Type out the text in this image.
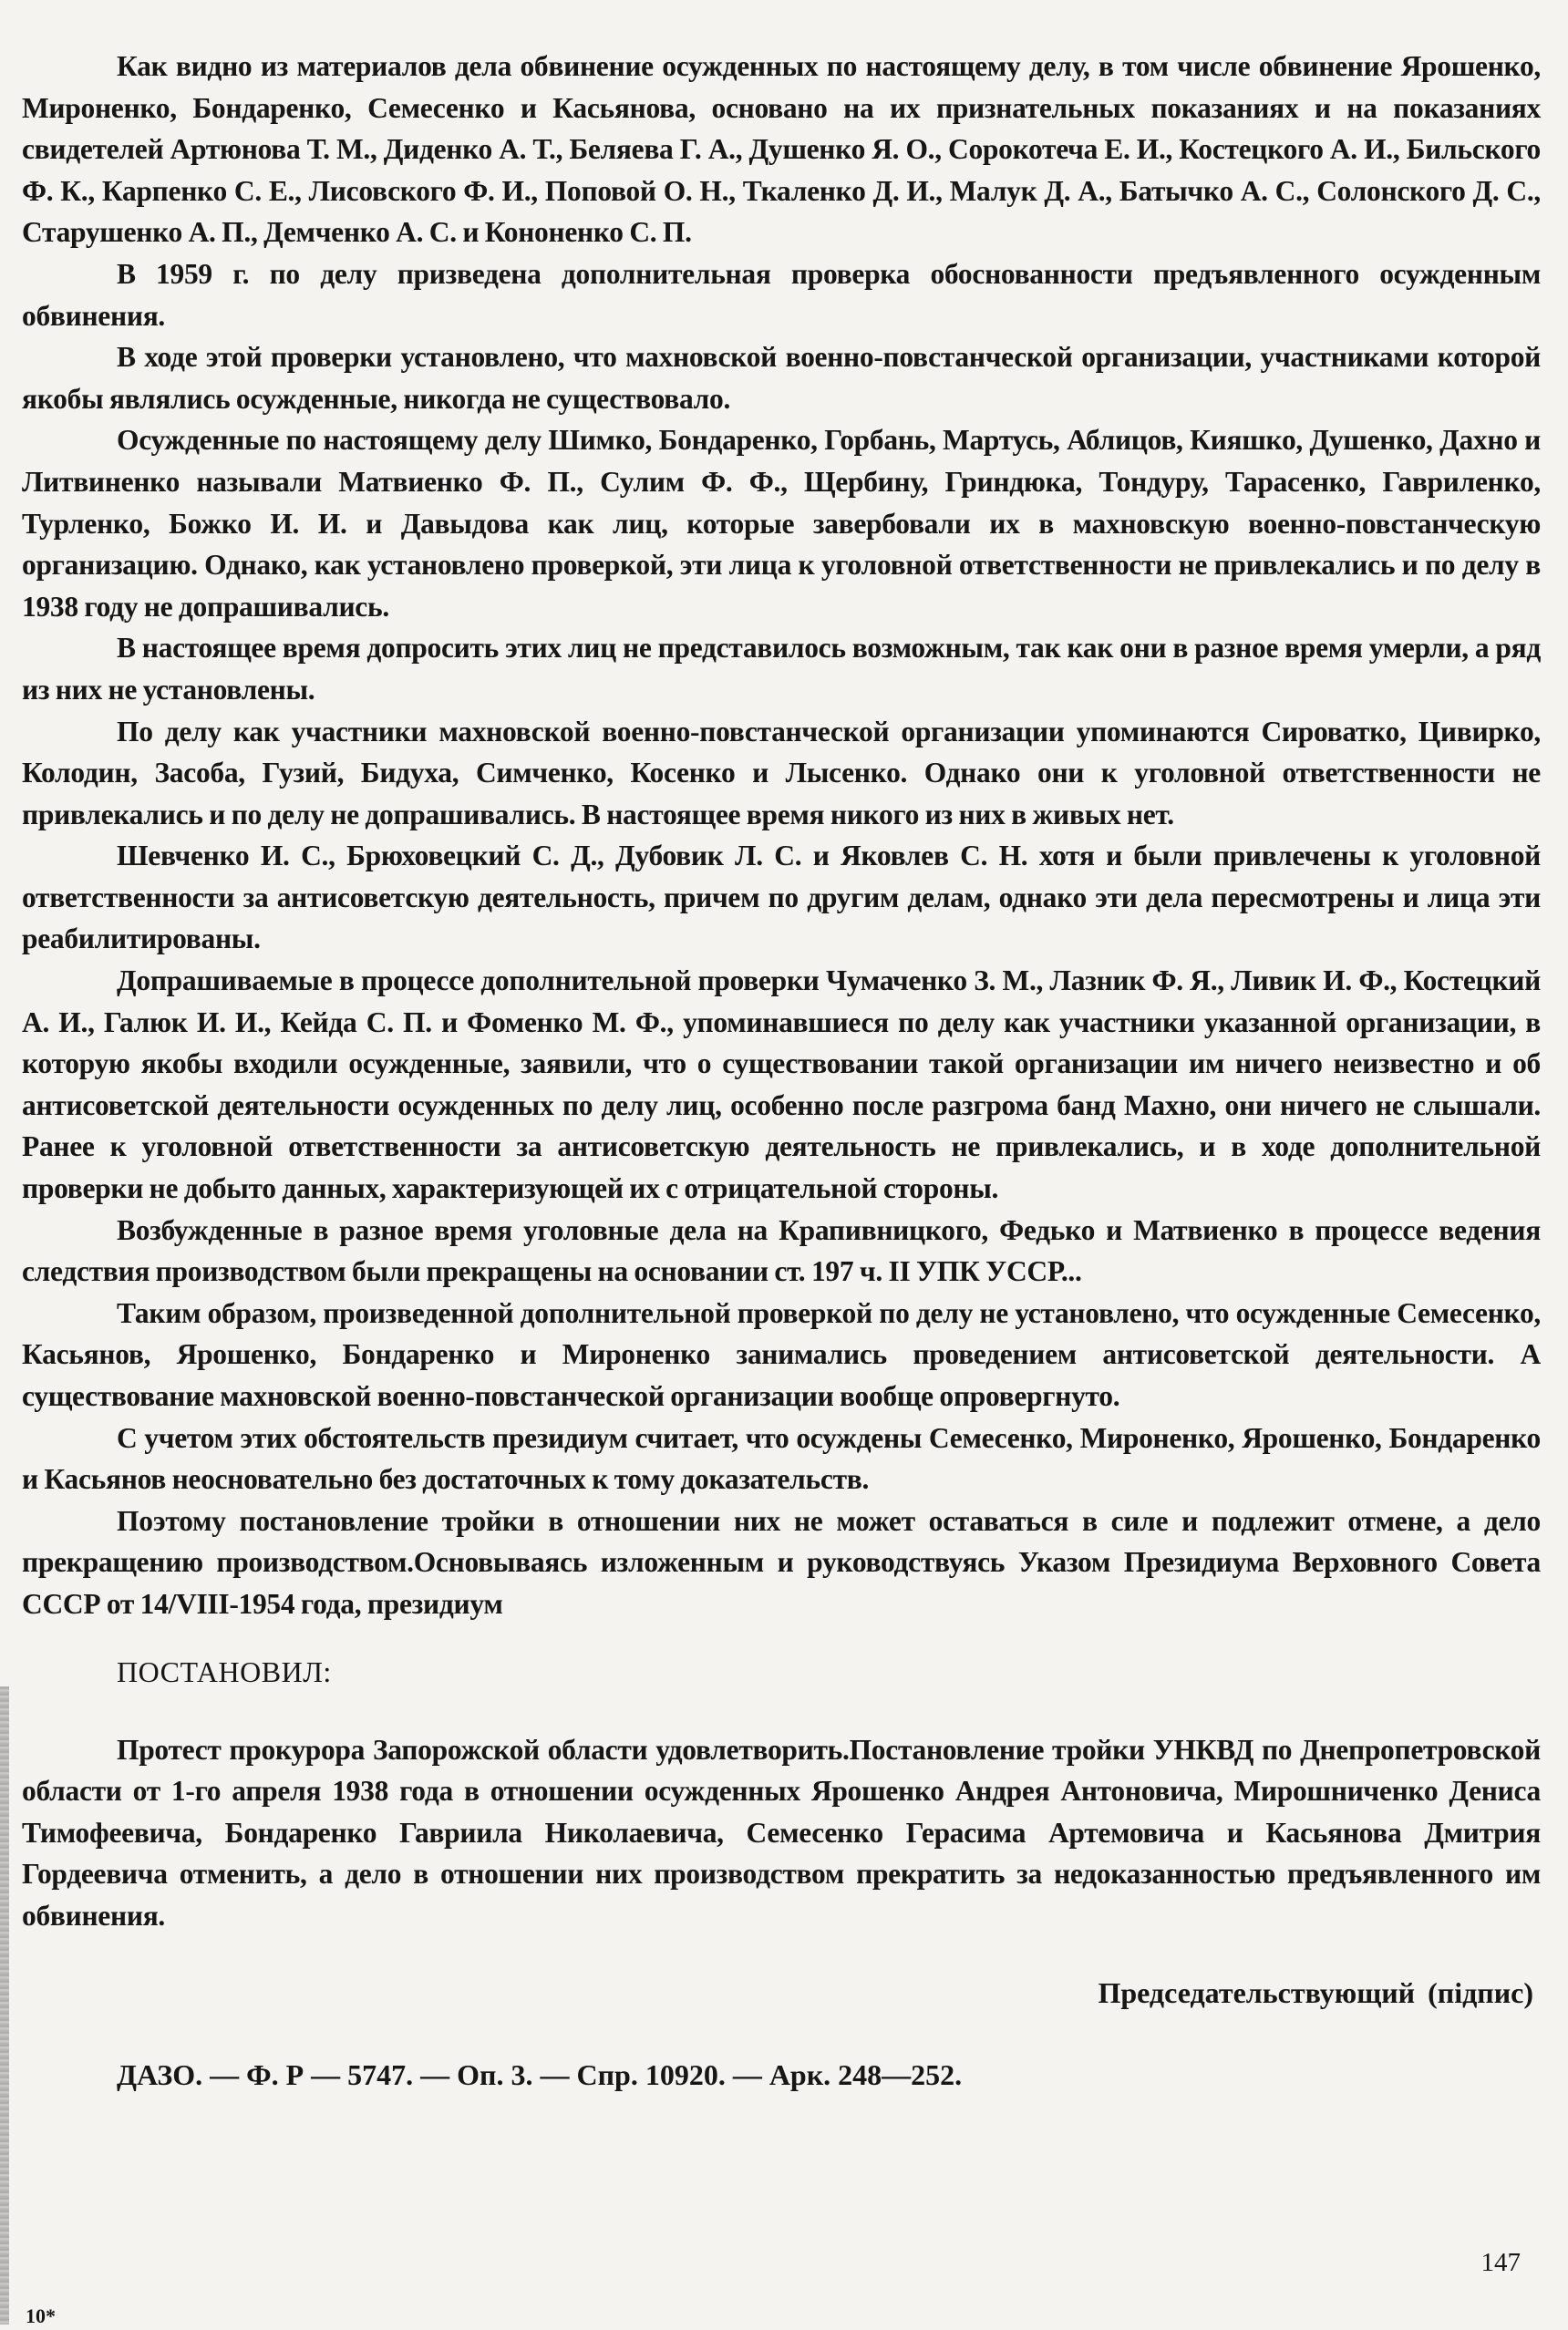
Как видно из материалов дела обвинение осужденных по настоящему делу, в том числе обвинение Ярошенко, Мироненко, Бондаренко, Семесенко и Касьянова, основано на их признательных показаниях и на показаниях свидетелей Артюнова Т. М., Диденко А. Т., Беляева Г. А., Душенко Я. О., Сорокотеча Е. И., Костецкого А. И., Бильского Ф. К., Карпенко С. Е., Лисовского Ф. И., Поповой О. Н., Ткаленко Д. И., Малук Д. А., Батычко А. С., Солонского Д. С., Старушенко А. П., Демченко А. С. и Кононенко С. П.

В 1959 г. по делу призведена дополнительная проверка обоснованности предъявленного осужденным обвинения.

В ходе этой проверки установлено, что махновской военно-повстанческой организации, участниками которой якобы являлись осужденные, никогда не существовало.

Осужденные по настоящему делу Шимко, Бондаренко, Горбань, Мартусь, Аблицов, Кияшко, Душенко, Дахно и Литвиненко называли Матвиенко Ф. П., Сулим Ф. Ф., Щербину, Гриндюка, Тондуру, Тарасенко, Гавриленко, Турленко, Божко И. И. и Давыдова как лиц, которые завербовали их в махновскую военно-повстанческую организацию. Однако, как установлено проверкой, эти лица к уголовной ответственности не привлекались и по делу в 1938 году не допрашивались.

В настоящее время допросить этих лиц не представилось возможным, так как они в разное время умерли, а ряд из них не установлены.

По делу как участники махновской военно-повстанческой организации упоминаются Сироватко, Цивирко, Колодин, Засоба, Гузий, Бидуха, Симченко, Косенко и Лысенко. Однако они к уголовной ответственности не привлекались и по делу не допрашивались. В настоящее время никого из них в живых нет.

Шевченко И. С., Брюховецкий С. Д., Дубовик Л. С. и Яковлев С. Н. хотя и были привлечены к уголовной ответственности за антисоветскую деятельность, причем по другим делам, однако эти дела пересмотрены и лица эти реабилитированы.

Допрашиваемые в процессе дополнительной проверки Чумаченко З. М., Лазник Ф. Я., Ливик И. Ф., Костецкий А. И., Галюк И. И., Кейда С. П. и Фоменко М. Ф., упоминавшиеся по делу как участники указанной организации, в которую якобы входили осужденные, заявили, что о существовании такой организации им ничего неизвестно и об антисоветской деятельности осужденных по делу лиц, особенно после разгрома банд Махно, они ничего не слышали. Ранее к уголовной ответственности за антисоветскую деятельность не привлекались, и в ходе дополнительной проверки не добыто данных, характеризующей их с отрицательной стороны.

Возбужденные в разное время уголовные дела на Крапивницкого, Федько и Матвиенко в процессе ведения следствия производством были прекращены на основании ст. 197 ч. II УПК УССР...

Таким образом, произведенной дополнительной проверкой по делу не установлено, что осужденные Семесенко, Касьянов, Ярошенко, Бондаренко и Мироненко занимались проведением антисоветской деятельности. А существование махновской военно-повстанческой организации вообще опровергнуто.

С учетом этих обстоятельств президиум считает, что осуждены Семесенко, Мироненко, Ярошенко, Бондаренко и Касьянов неосновательно без достаточных к тому доказательств.

Поэтому постановление тройки в отношении них не может оставаться в силе и подлежит отмене, а дело прекращению производством.Основываясь изложенным и руководствуясь Указом Президиума Верховного Совета СССР от 14/VIII-1954 года, президиум

ПОСТАНОВИЛ:

Протест прокурора Запорожской области удовлетворить.Постановление тройки УНКВД по Днепропетровской области от 1-го апреля 1938 года в отношении осужденных Ярошенко Андрея Антоновича, Мирошниченко Дениса Тимофеевича, Бондаренко Гавриила Николаевича, Семесенко Герасима Артемовича и Касьянова Дмитрия Гордеевича отменить, а дело в отношении них производством прекратить за недоказанностью предъявленного им обвинения.

Председательствующий (підпис)
ДАЗО. — Ф. Р — 5747. — Оп. 3. — Спр. 10920. — Арк. 248—252.
147
10*
